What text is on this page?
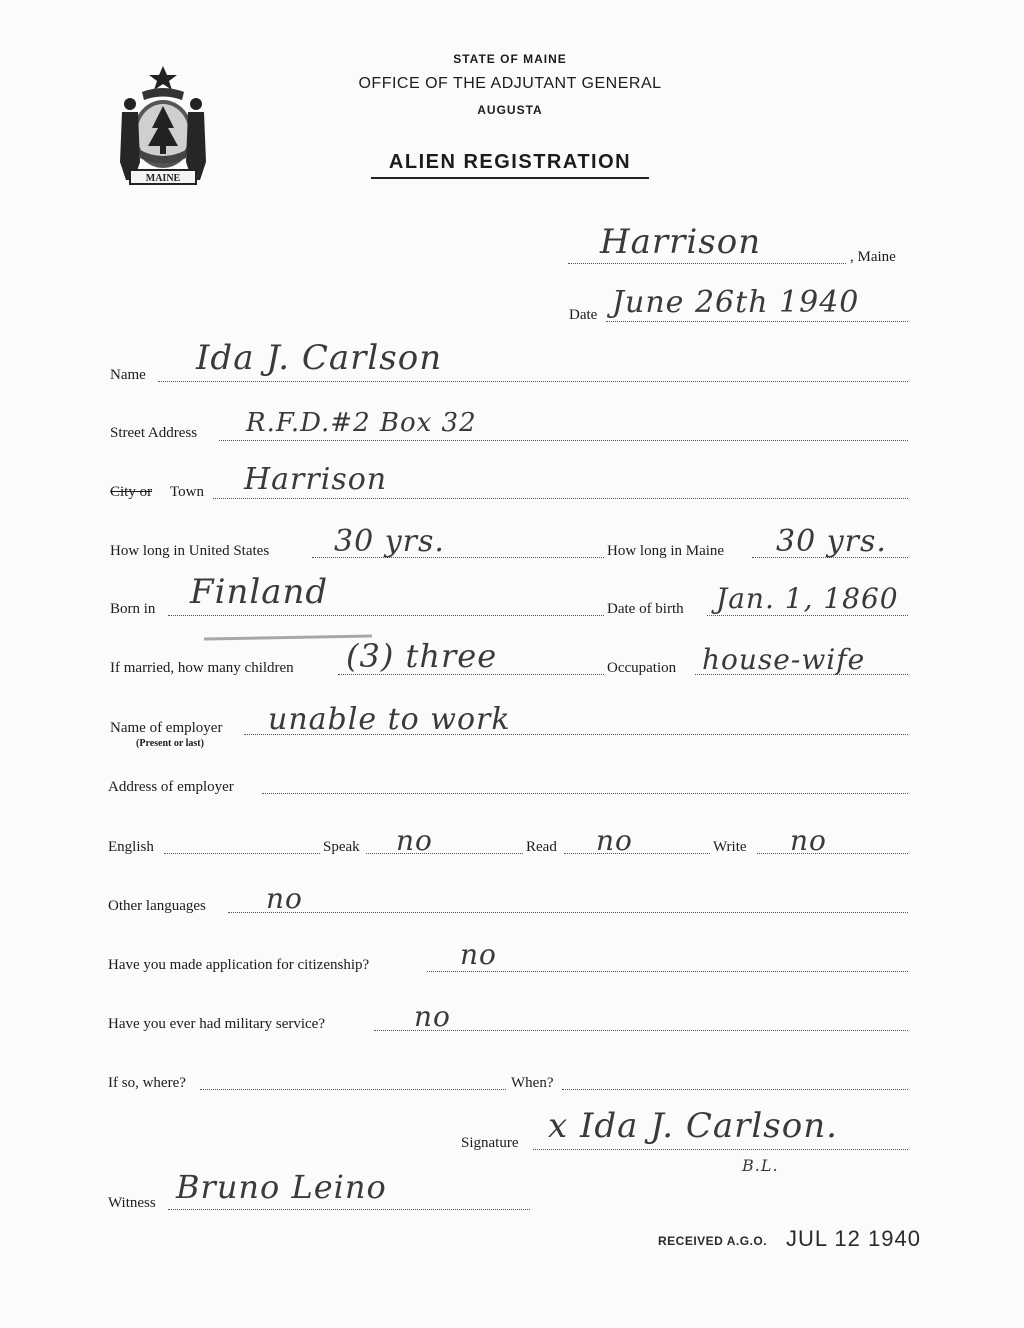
MAINE
STATE OF MAINE
OFFICE OF THE ADJUTANT GENERAL
AUGUSTA
ALIEN REGISTRATION
Harrison	, Maine
Date June 26th 1940
Name Ida J. Carlson
Street Address R.F.D.#2 Box 32
City or Town Harrison
How long in United States 30 yrs.	How long in Maine 30 yrs.
Born in Finland	Date of birth Jan. 1, 1860
If married, how many children (3) three	Occupation house-wife
Name of employer
(Present or last)
unable to work
Address of employer
English	Speak no	Read no	Write no
Other languages no
Have you made application for citizenship?	no
Have you ever had military service?	no
If so, where?	When?
Signature x Ida J. Carlson.
B.L.
Witness Bruno Leino
RECEIVED A.G.O. JUL 12 1940
